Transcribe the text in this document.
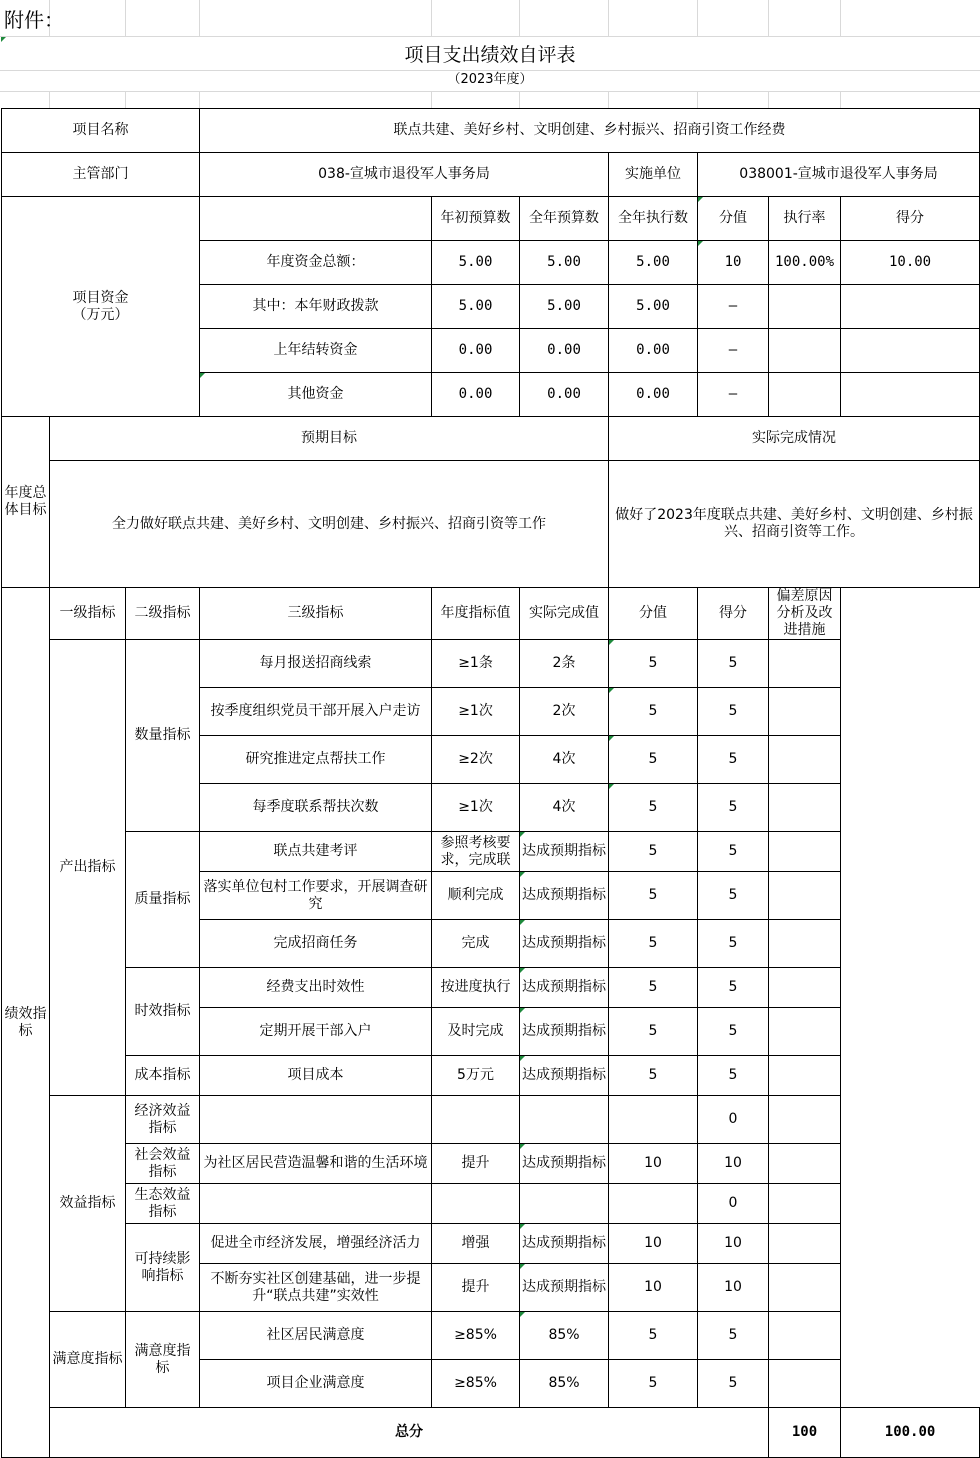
附件：
项目支出绩效自评表
（2023年度）
项目名称			联点共建、美好乡村、文明创建、乡村振兴、招商引资工作经费							
主管部门			038-宣城市退役军人事务局			实施单位	038001-宣城市退役军人事务局			
项目资金
（万元）				年初预算数	全年预算数	全年执行数	分值	执行率	得分	
			年度资金总额：	5.00	5.00	5.00	10	100.00%	10.00	
			其中：本年财政拨款	5.00	5.00	5.00	—			
			上年结转资金	0.00	0.00	0.00	—			
			其他资金	0.00	0.00	0.00	—			
年度总体目标	预期目标					实际完成情况				
	全力做好联点共建、美好乡村、文明创建、乡村振兴、招商引资等工作					做好了2023年度联点共建、美好乡村、文明创建、乡村振兴、招商引资等工作。				
绩效指标	一级指标	二级指标	三级指标	年度指标值	实际完成值	分值	得分	偏差原因分析及改进措施		
	产出指标	数量指标	每月报送招商线索	≥1条	2条	5	5			
			按季度组织党员干部开展入户走访	≥1次	2次	5	5			
			研究推进定点帮扶工作	≥2次	4次	5	5			
			每季度联系帮扶次数	≥1次	4次	5	5			
		质量指标	联点共建考评	参照考核要求，完成联	达成预期指标	5	5			
			落实单位包村工作要求，开展调查研究	顺利完成	达成预期指标	5	5			
			完成招商任务	完成	达成预期指标	5	5			
		时效指标	经费支出时效性	按进度执行	达成预期指标	5	5			
			定期开展干部入户	及时完成	达成预期指标	5	5			
		成本指标	项目成本	5万元	达成预期指标	5	5			
	效益指标	经济效益指标					0			
		社会效益指标	为社区居民营造温馨和谐的生活环境	提升	达成预期指标	10	10			
		生态效益指标					0			
		可持续影响指标	促进全市经济发展，增强经济活力	增强	达成预期指标	10	10			
			不断夯实社区创建基础，进一步提升“联点共建”实效性	提升	达成预期指标	10	10			
	满意度指标	满意度指标	社区居民满意度	≥85%	85%	5	5			
			项目企业满意度	≥85%	85%	5	5			
	总分							100	100.00	
